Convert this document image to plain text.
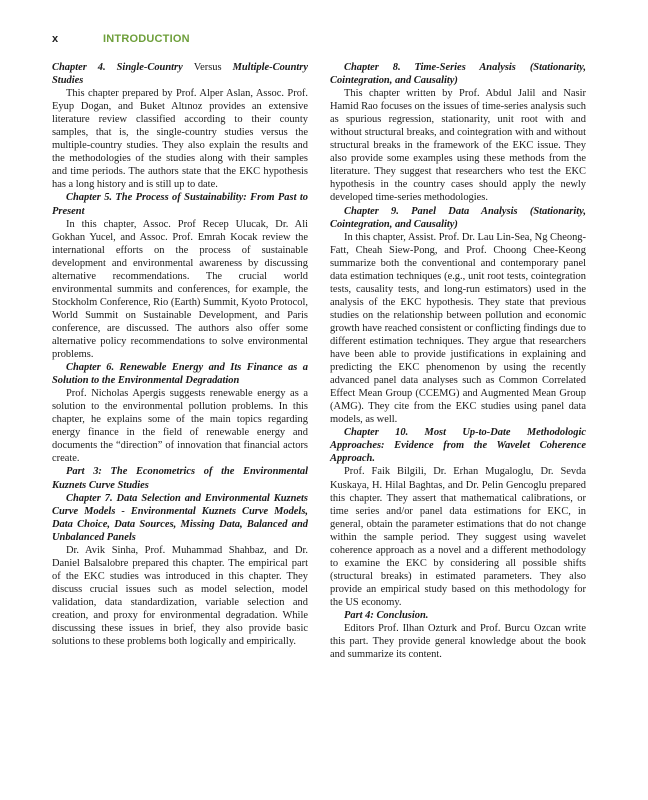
x	INTRODUCTION

Chapter 4. Single-Country Versus Multiple-Country Studies

This chapter prepared by Prof. Alper Aslan, Assoc. Prof. Eyup Dogan, and Buket Altınoz provides an extensive literature review classified according to their county samples, that is, the single-country studies versus the multiple-country studies. They also explain the results and the methodologies of the studies along with their samples and time periods. The authors state that the EKC hypothesis has a long history and is still up to date.

Chapter 5. The Process of Sustainability: From Past to Present

In this chapter, Assoc. Prof Recep Ulucak, Dr. Ali Gokhan Yucel, and Assoc. Prof. Emrah Kocak review the international efforts on the process of sustainable development and environmental awareness by discussing alternative recommendations. The crucial world environmental summits and conferences, for example, the Stockholm Conference, Rio (Earth) Summit, Kyoto Protocol, World Summit on Sustainable Development, and Paris conference, are discussed. The authors also offer some alternative policy recommendations to solve environmental problems.

Chapter 6. Renewable Energy and Its Finance as a Solution to the Environmental Degradation

Prof. Nicholas Apergis suggests renewable energy as a solution to the environmental pollution problems. In this chapter, he explains some of the main topics regarding energy finance in the field of renewable energy and documents the “direction” of innovation that financial actors create.

Part 3: The Econometrics of the Environmental Kuznets Curve Studies

Chapter 7. Data Selection and Environmental Kuznets Curve Models - Environmental Kuznets Curve Models, Data Choice, Data Sources, Missing Data, Balanced and Unbalanced Panels

Dr. Avik Sinha, Prof. Muhammad Shahbaz, and Dr. Daniel Balsalobre prepared this chapter. The empirical part of the EKC studies was introduced in this chapter. They discuss crucial issues such as model selection, model validation, data standardization, variable selection and creation, and proxy for environmental degradation. While discussing these issues in brief, they also provide basic solutions to these problems both logically and empirically.

Chapter 8. Time-Series Analysis (Stationarity, Cointegration, and Causality)

This chapter written by Prof. Abdul Jalil and Nasir Hamid Rao focuses on the issues of time-series analysis such as spurious regression, stationarity, unit root with and without structural breaks, and cointegration with and without structural breaks in the framework of the EKC issue. They also provide some examples using these methods from the literature. They suggest that researchers who test the EKC hypothesis in the country cases should apply the newly developed time-series methodologies.

Chapter 9. Panel Data Analysis (Stationarity, Cointegration, and Causality)

In this chapter, Assist. Prof. Dr. Lau Lin-Sea, Ng Cheong-Fatt, Cheah Siew-Pong, and Prof. Choong Chee-Keong summarize both the conventional and contemporary panel data estimation techniques (e.g., unit root tests, cointegration tests, causality tests, and long-run estimators) used in the analysis of the EKC hypothesis. They state that previous studies on the relationship between pollution and economic growth have reached consistent or conflicting findings due to different estimation techniques. They argue that researchers have been able to provide justifications in explaining and predicting the EKC phenomenon by using the recently advanced panel data analyses such as Common Correlated Effect Mean Group (CCEMG) and Augmented Mean Group (AMG). They cite from the EKC studies using panel data models, as well.

Chapter 10. Most Up-to-Date Methodologic Approaches: Evidence from the Wavelet Coherence Approach.

Prof. Faik Bilgili, Dr. Erhan Mugaloglu, Dr. Sevda Kuskaya, H. Hilal Baghtas, and Dr. Pelin Gencoglu prepared this chapter. They assert that mathematical calibrations, or time series and/or panel data estimations for EKC, in general, obtain the parameter estimations that do not change within the sample period. They suggest using wavelet coherence approach as a novel and a different methodology to examine the EKC by considering all possible shifts (structural breaks) in estimated parameters. They also provide an empirical study based on this methodology for the US economy.

Part 4: Conclusion.

Editors Prof. Ilhan Ozturk and Prof. Burcu Ozcan write this part. They provide general knowledge about the book and summarize its content.
